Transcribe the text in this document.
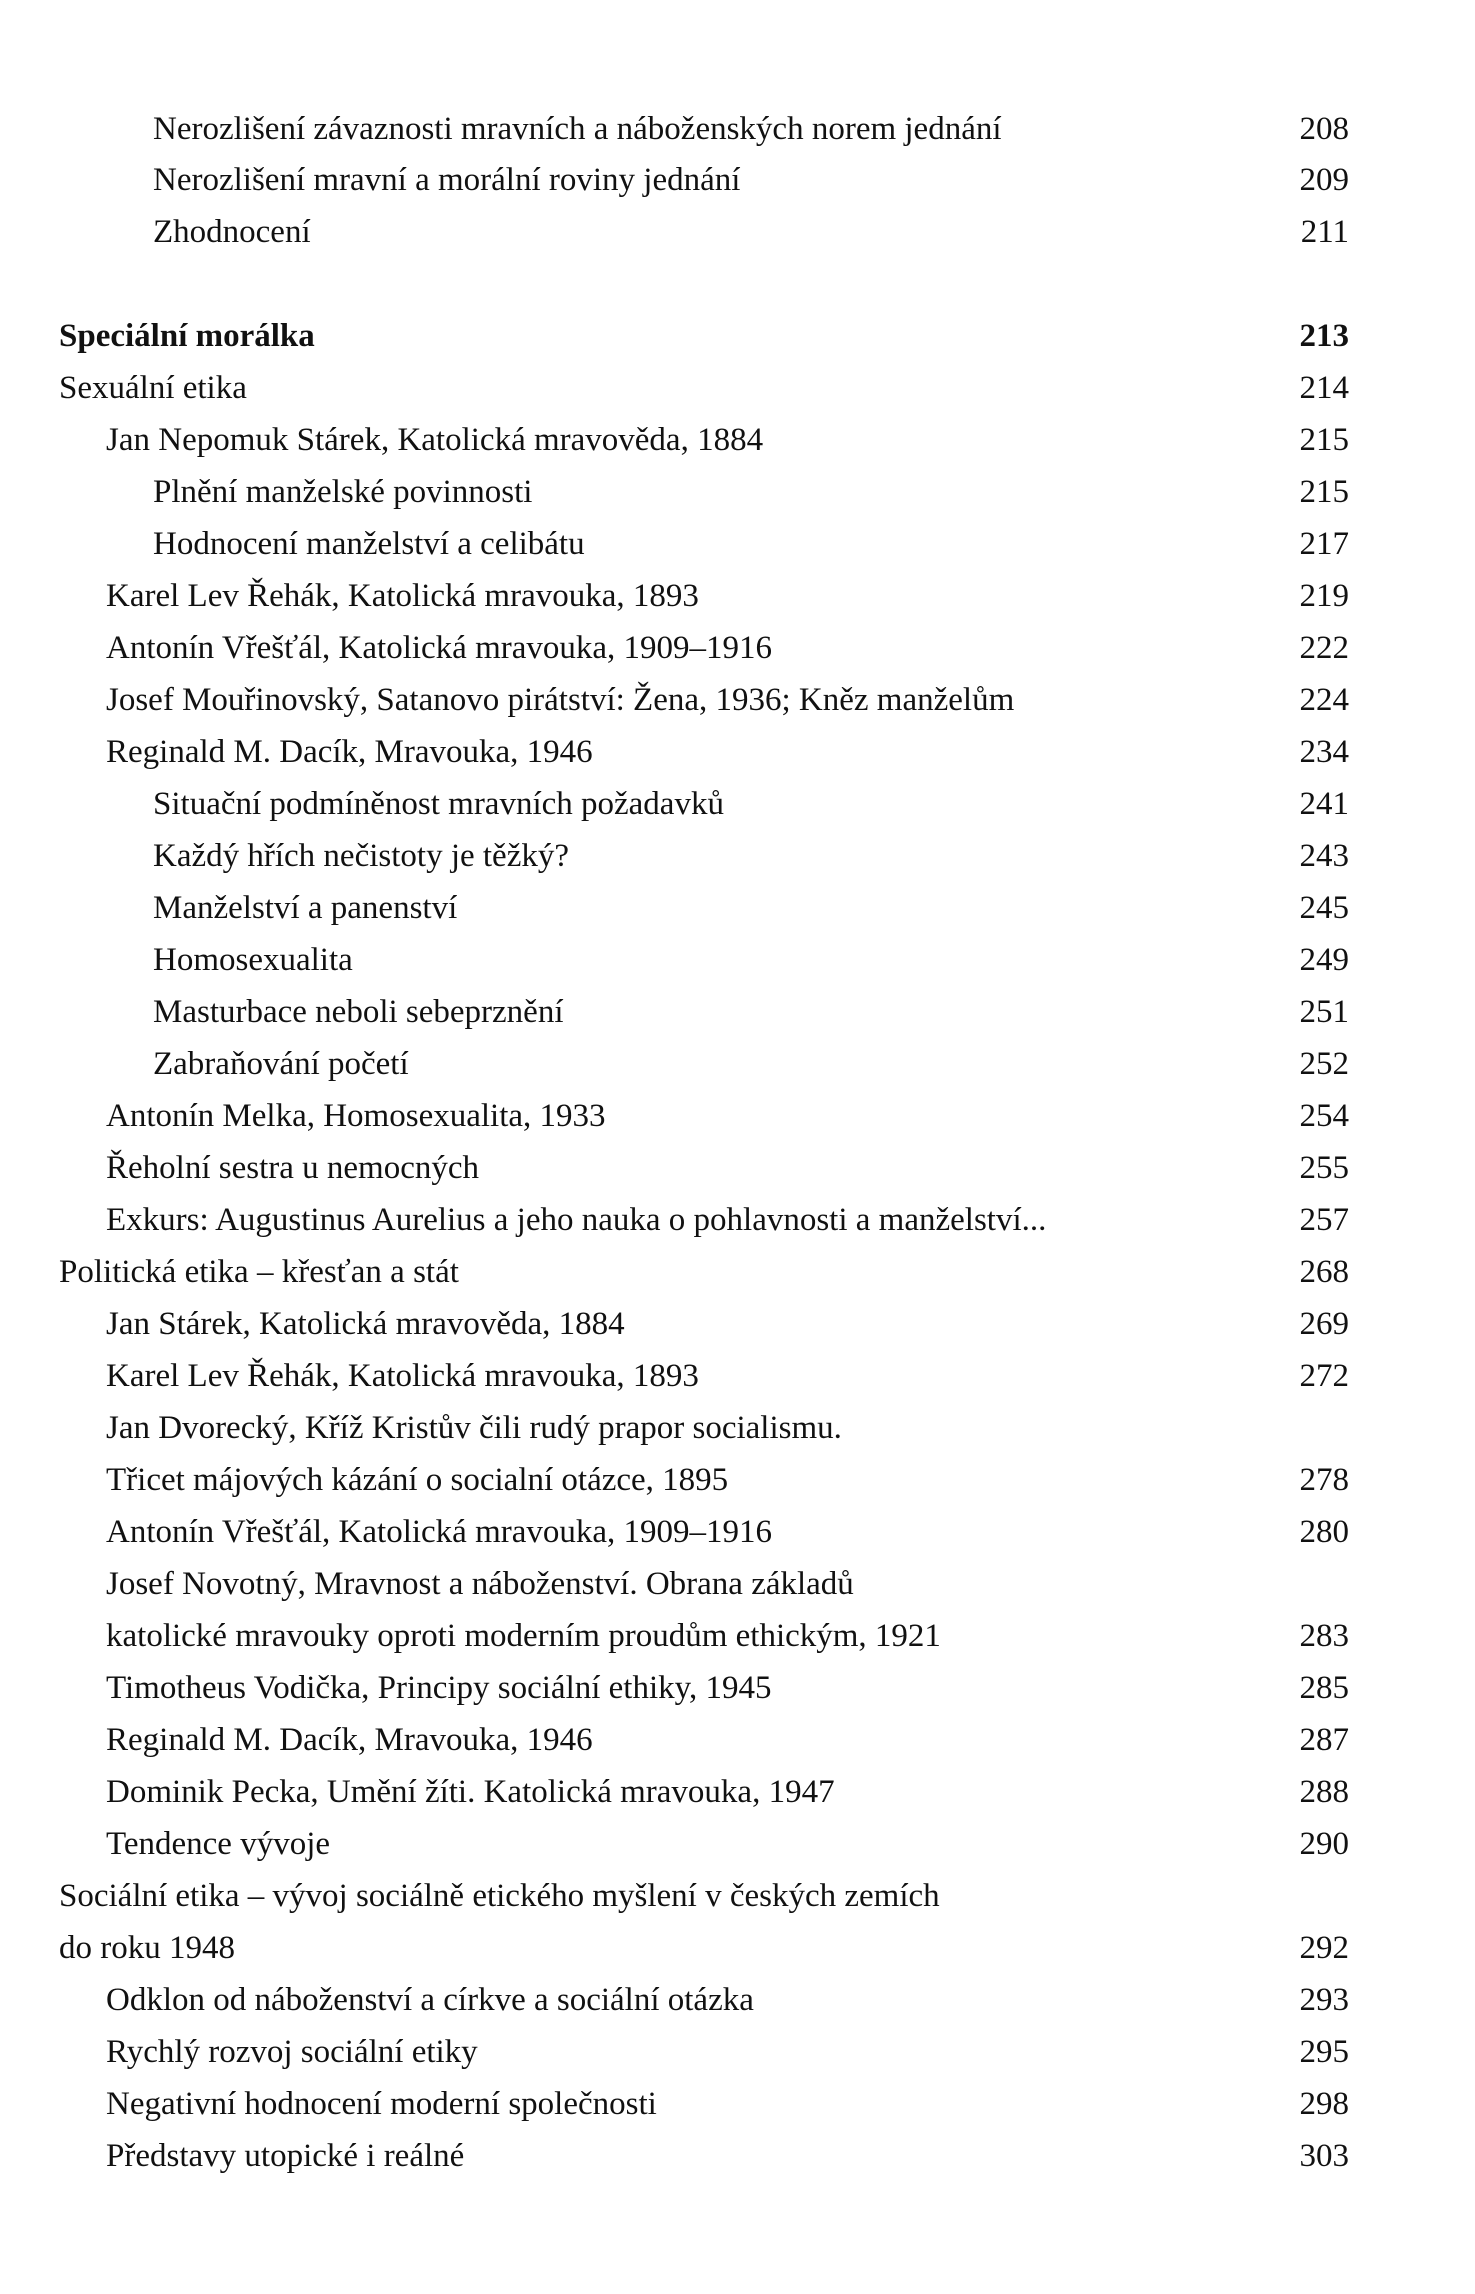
Nerozlišení závaznosti mravních a náboženských norem jednání	208
Nerozlišení mravní a morální roviny jednání	209
Zhodnocení	211
Speciální morálka	213
Sexuální etika	214
Jan Nepomuk Stárek, Katolická mravověda, 1884	215
Plnění manželské povinnosti	215
Hodnocení manželství a celibátu	217
Karel Lev Řehák, Katolická mravouka, 1893	219
Antonín Vřešťál, Katolická mravouka, 1909–1916	222
Josef Mouřinovský, Satanovo pirátství: Žena, 1936; Kněz manželům	224
Reginald M. Dacík, Mravouka, 1946	234
Situační podmíněnost mravních požadavků	241
Každý hřích nečistoty je těžký?	243
Manželství a panenství	245
Homosexualita	249
Masturbace neboli sebeprznění	251
Zabraňování početí	252
Antonín Melka, Homosexualita, 1933	254
Řeholní sestra u nemocných	255
Exkurs: Augustinus Aurelius a jeho nauka o pohlavnosti a manželství...	257
Politická etika – křesťan a stát	268
Jan Stárek, Katolická mravověda, 1884	269
Karel Lev Řehák, Katolická mravouka, 1893	272
Jan Dvorecký, Kříž Kristův čili rudý prapor socialismu.
Třicet májových kázání o socialní otázce, 1895	278
Antonín Vřešťál, Katolická mravouka, 1909–1916	280
Josef Novotný, Mravnost a náboženství. Obrana základů
katolické mravouky oproti moderním proudům ethickým, 1921	283
Timotheus Vodička, Principy sociální ethiky, 1945	285
Reginald M. Dacík, Mravouka, 1946	287
Dominik Pecka, Umění žíti. Katolická mravouka, 1947	288
Tendence vývoje	290
Sociální etika – vývoj sociálně etického myšlení v českých zemích
do roku 1948	292
Odklon od náboženství a církve a sociální otázka	293
Rychlý rozvoj sociální etiky	295
Negativní hodnocení moderní společnosti	298
Představy utopické i reálné	303
